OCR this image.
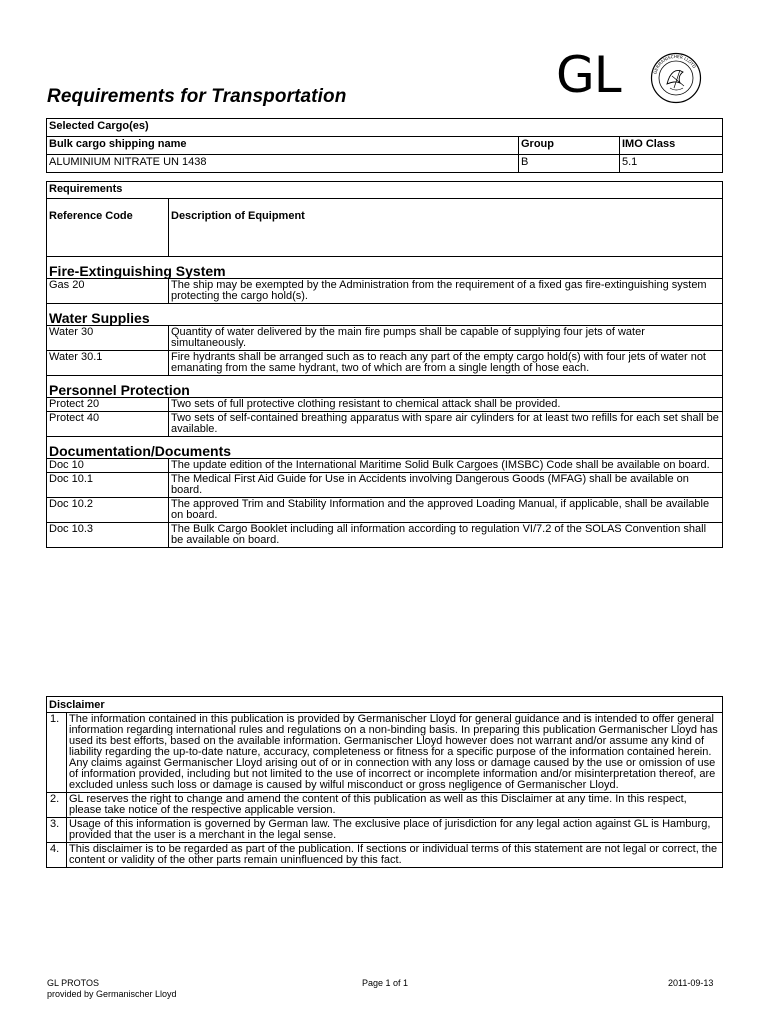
Requirements for Transportation	GL	GERMANISCHER LLOYD
Selected Cargo(es)		
Bulk cargo shipping name	Group	IMO Class
ALUMINIUM NITRATE UN 1438	B	5.1
Requirements	
Reference Code	Description of Equipment
Fire-Extinguishing System	
Gas 20	The ship may be exempted by the Administration from the requirement of a fixed gas fire-extinguishing system protecting the cargo hold(s).
Water Supplies	
Water 30	Quantity of water delivered by the main fire pumps shall be capable of supplying four jets of water simultaneously.
Water 30.1	Fire hydrants shall be arranged such as to reach any part of the empty cargo hold(s) with four jets of water not emanating from the same hydrant, two of which are from a single length of hose each.
Personnel Protection	
Protect 20	Two sets of full protective clothing resistant to chemical attack shall be provided.
Protect 40	Two sets of self-contained breathing apparatus with spare air cylinders for at least two refills for each set shall be available.
Documentation/Documents	
Doc 10	The update edition of the International Maritime Solid Bulk Cargoes (IMSBC) Code shall be available on board.
Doc 10.1	The Medical First Aid Guide for Use in Accidents involving Dangerous Goods (MFAG) shall be available on board.
Doc 10.2	The approved Trim and Stability Information and the approved Loading Manual, if applicable, shall be available on board.
Doc 10.3	The Bulk Cargo Booklet including all information according to regulation VI/7.2 of the SOLAS Convention shall be available on board.
Disclaimer	
1.	The information contained in this publication is provided by Germanischer Lloyd for general guidance and is intended to offer general information regarding international rules and regulations on a non-binding basis. In preparing this publication Germanischer Lloyd has used its best efforts, based on the available information. Germanischer Lloyd however does not warrant and/or assume any kind of liability regarding the up-to-date nature, accuracy, completeness or fitness for a specific purpose of the information contained herein. Any claims against Germanischer Lloyd arising out of or in connection with any loss or damage caused by the use or omission of use of information provided, including but not limited to the use of incorrect or incomplete information and/or misinterpretation thereof, are excluded unless such loss or damage is caused by wilful misconduct or gross negligence of Germanischer Lloyd.
2.	GL reserves the right to change and amend the content of this publication as well as this Disclaimer at any time. In this respect, please take notice of the respective applicable version.
3.	Usage of this information is governed by German law. The exclusive place of jurisdiction for any legal action against GL is Hamburg, provided that the user is a merchant in the legal sense.
4.	This disclaimer is to be regarded as part of the publication. If sections or individual terms of this statement are not legal or correct, the content or validity of the other parts remain uninfluenced by this fact.
GL PROTOS
provided by Germanischer Lloyd
Page 1 of 1	2011-09-13
